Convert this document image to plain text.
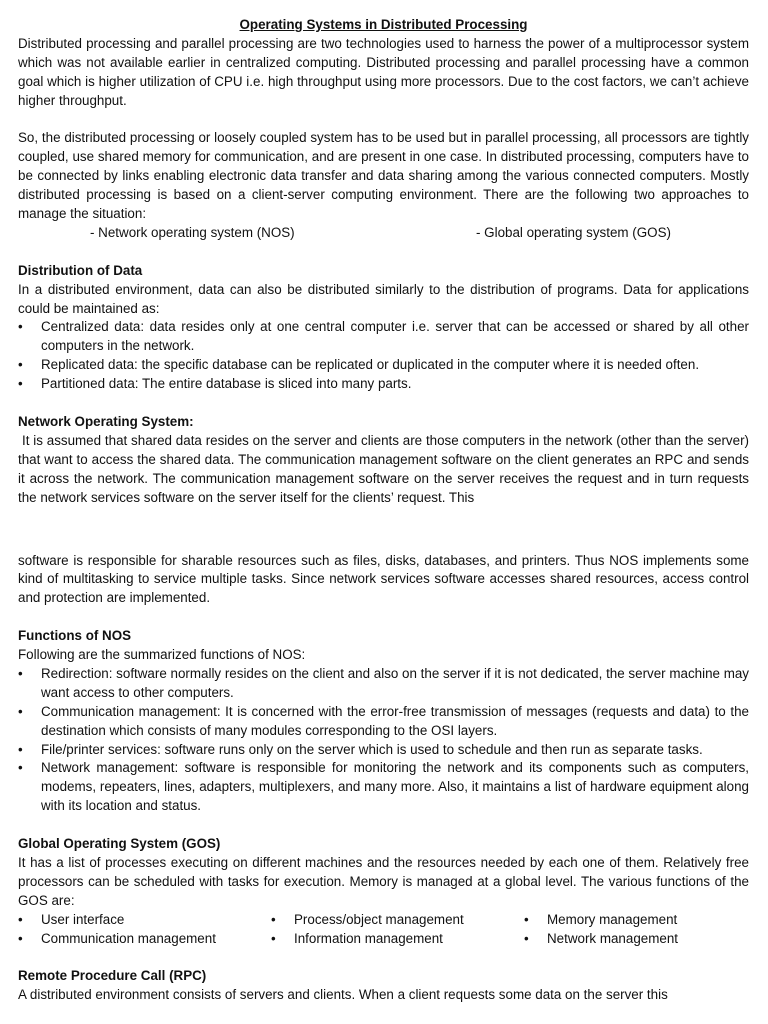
Operating Systems in Distributed Processing

Distributed processing and parallel processing are two technologies used to harness the power of a multiprocessor system which was not available earlier in centralized computing. Distributed processing and parallel processing have a common goal which is higher utilization of CPU i.e. high throughput using more processors. Due to the cost factors, we can’t achieve higher throughput.

So, the distributed processing or loosely coupled system has to be used but in parallel processing, all processors are tightly coupled, use shared memory for communication, and are present in one case. In distributed processing, computers have to be connected by links enabling electronic data transfer and data sharing among the various connected computers. Mostly distributed processing is based on a client-server computing environment. There are the following two approaches to manage the situation:

- Network operating system (NOS)	- Global operating system (GOS)

Distribution of Data

In a distributed environment, data can also be distributed similarly to the distribution of programs. Data for applications could be maintained as:

•	Centralized data: data resides only at one central computer i.e. server that can be accessed or shared by all other computers in the network.
•	Replicated data: the specific database can be replicated or duplicated in the computer where it is needed often.
•	Partitioned data: The entire database is sliced into many parts.

Network Operating System:

It is assumed that shared data resides on the server and clients are those computers in the network (other than the server) that want to access the shared data. The communication management software on the client generates an RPC and sends it across the network. The communication management software on the server receives the request and in turn requests the network services software on the server itself for the clients’ request. This

software is responsible for sharable resources such as files, disks, databases, and printers. Thus NOS implements some kind of multitasking to service multiple tasks. Since network services software accesses shared resources, access control and protection are implemented.

Functions of NOS

Following are the summarized functions of NOS:

•	Redirection: software normally resides on the client and also on the server if it is not dedicated, the server machine may want access to other computers.
•	Communication management: It is concerned with the error-free transmission of messages (requests and data) to the destination which consists of many modules corresponding to the OSI layers.
•	File/printer services: software runs only on the server which is used to schedule and then run as separate tasks.
•	Network management: software is responsible for monitoring the network and its components such as computers, modems, repeaters, lines, adapters, multiplexers, and many more. Also, it maintains a list of hardware equipment along with its location and status.

Global Operating System (GOS)

It has a list of processes executing on different machines and the resources needed by each one of them. Relatively free processors can be scheduled with tasks for execution. Memory is managed at a global level. The various functions of the GOS are:

• User interface	• Process/object management	• Memory management
• Communication management	• Information management	• Network management

Remote Procedure Call (RPC)

A distributed environment consists of servers and clients. When a client requests some data on the server this
